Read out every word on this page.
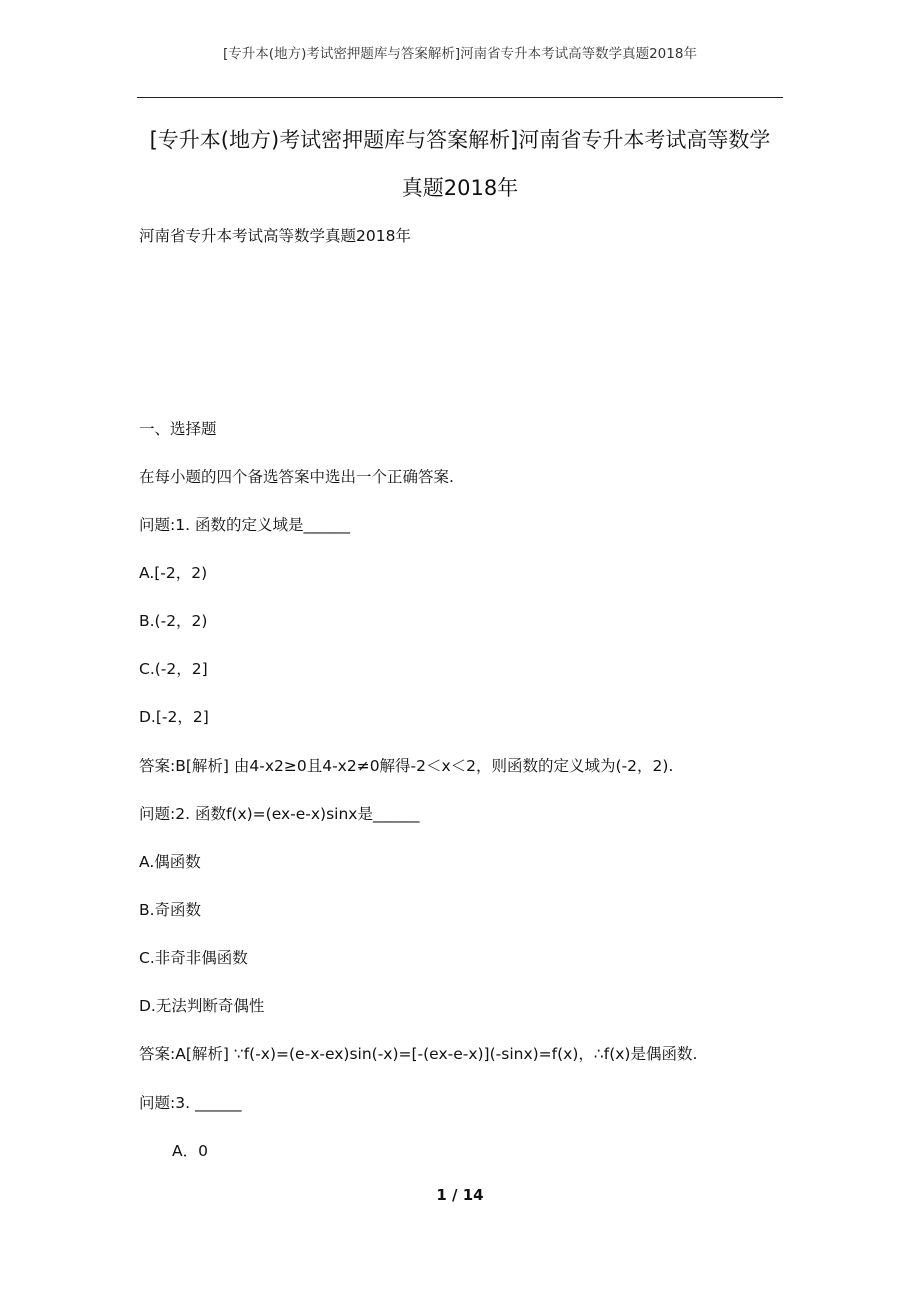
[专升本(地方)考试密押题库与答案解析]河南省专升本考试高等数学真题2018年
[专升本(地方)考试密押题库与答案解析]河南省专升本考试高等数学
真题2018年
河南省专升本考试高等数学真题2018年
一、选择题
在每小题的四个备选答案中选出一个正确答案.
问题:1. 函数的定义域是______
A.[-2，2)
B.(-2，2)
C.(-2，2]
D.[-2，2]
答案:B[解析] 由4-x2≥0且4-x2≠0解得-2＜x＜2，则函数的定义域为(-2，2).
问题:2. 函数f(x)=(ex-e-x)sinx是______
A.偶函数
B.奇函数
C.非奇非偶函数
D.无法判断奇偶性
答案:A[解析] ∵f(-x)=(e-x-ex)sin(-x)=[-(ex-e-x)](-sinx)=f(x)，∴f(x)是偶函数.
问题:3. ______
A．0
1 / 14
